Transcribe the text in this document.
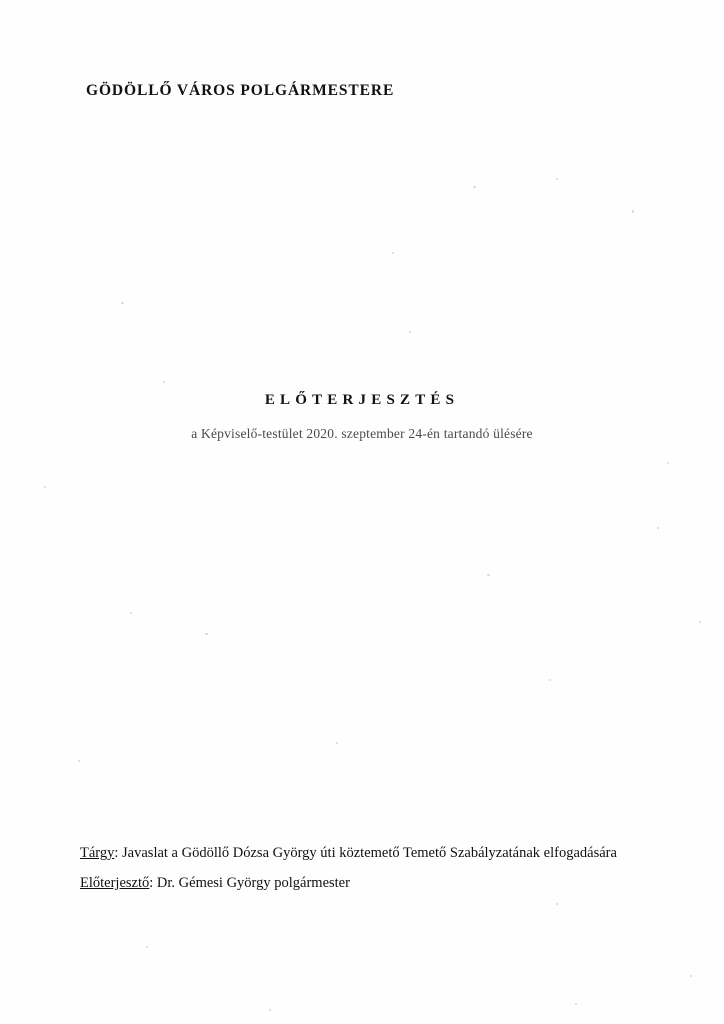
GÖDÖLLŐ VÁROS POLGÁRMESTERE
ELŐTERJESZTÉS
a Képviselő-testület 2020. szeptember 24-én tartandó ülésére
Tárgy: Javaslat a Gödöllő Dózsa György úti köztemető Temető Szabályzatának elfogadására
Előterjesztő: Dr. Gémesi György polgármester
